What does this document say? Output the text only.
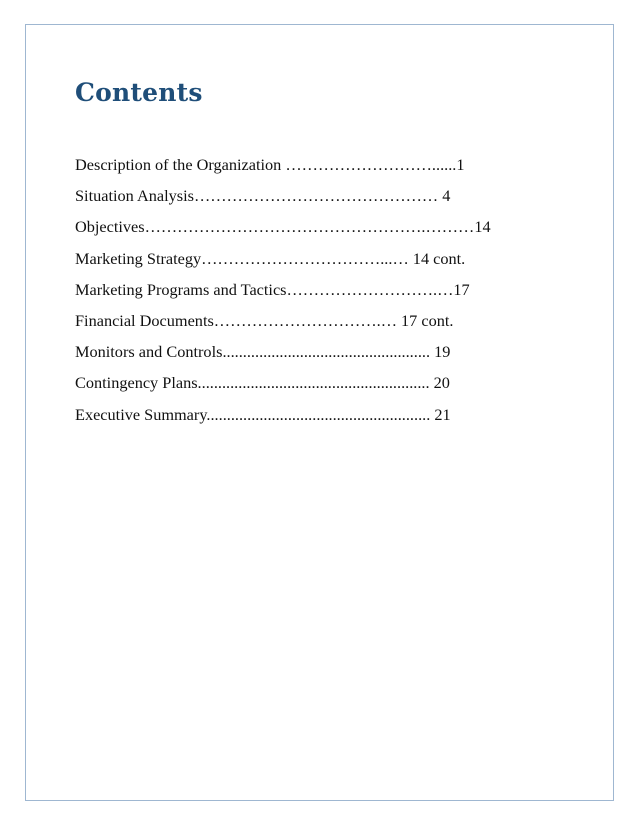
Contents
Description of the Organization ………………………......1
Situation Analysis……………………………………… 4
Objectives…………………………………………….………14
Marketing Strategy……………………………...… 14 cont.
Marketing Programs and Tactics……………………….…17
Financial Documents………………………….… 17 cont.
Monitors and Controls................................................... 19
Contingency Plans......................................................... 20
Executive Summary....................................................... 21
